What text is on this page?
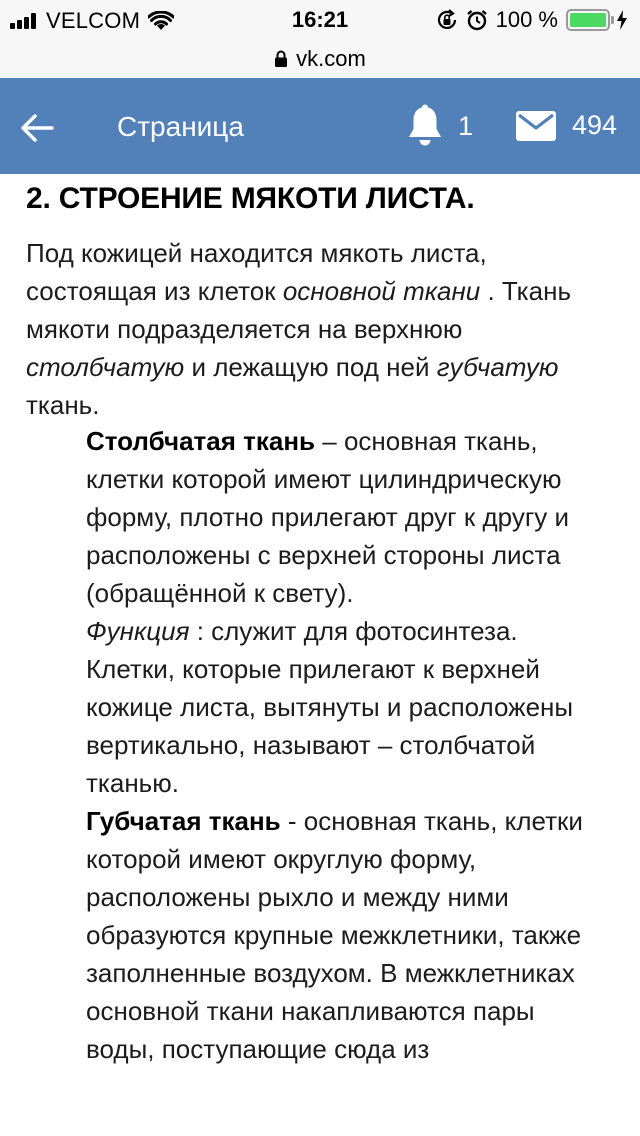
VELCOM	16:21	100 %
vk.com
Страница	1	494
2. СТРОЕНИЕ МЯКОТИ ЛИСТА.

Под кожицей находится мякоть листа, состоящая из клеток основной ткани . Ткань мякоти подразделяется на верхнюю столбчатую и лежащую под ней губчатую ткань.

Столбчатая ткань – основная ткань, клетки которой имеют цилиндрическую форму, плотно прилегают друг к другу и расположены с верхней стороны листа (обращённой к свету).

Функция : служит для фотосинтеза. Клетки, которые прилегают к верхней кожице листа, вытянуты и расположены вертикально, называют – столбчатой тканью.

Губчатая ткань - основная ткань, клетки которой имеют округлую форму, расположены рыхло и между ними образуются крупные межклетники, также заполненные воздухом. В межклетниках основной ткани накапливаются пары воды, поступающие сюда из
